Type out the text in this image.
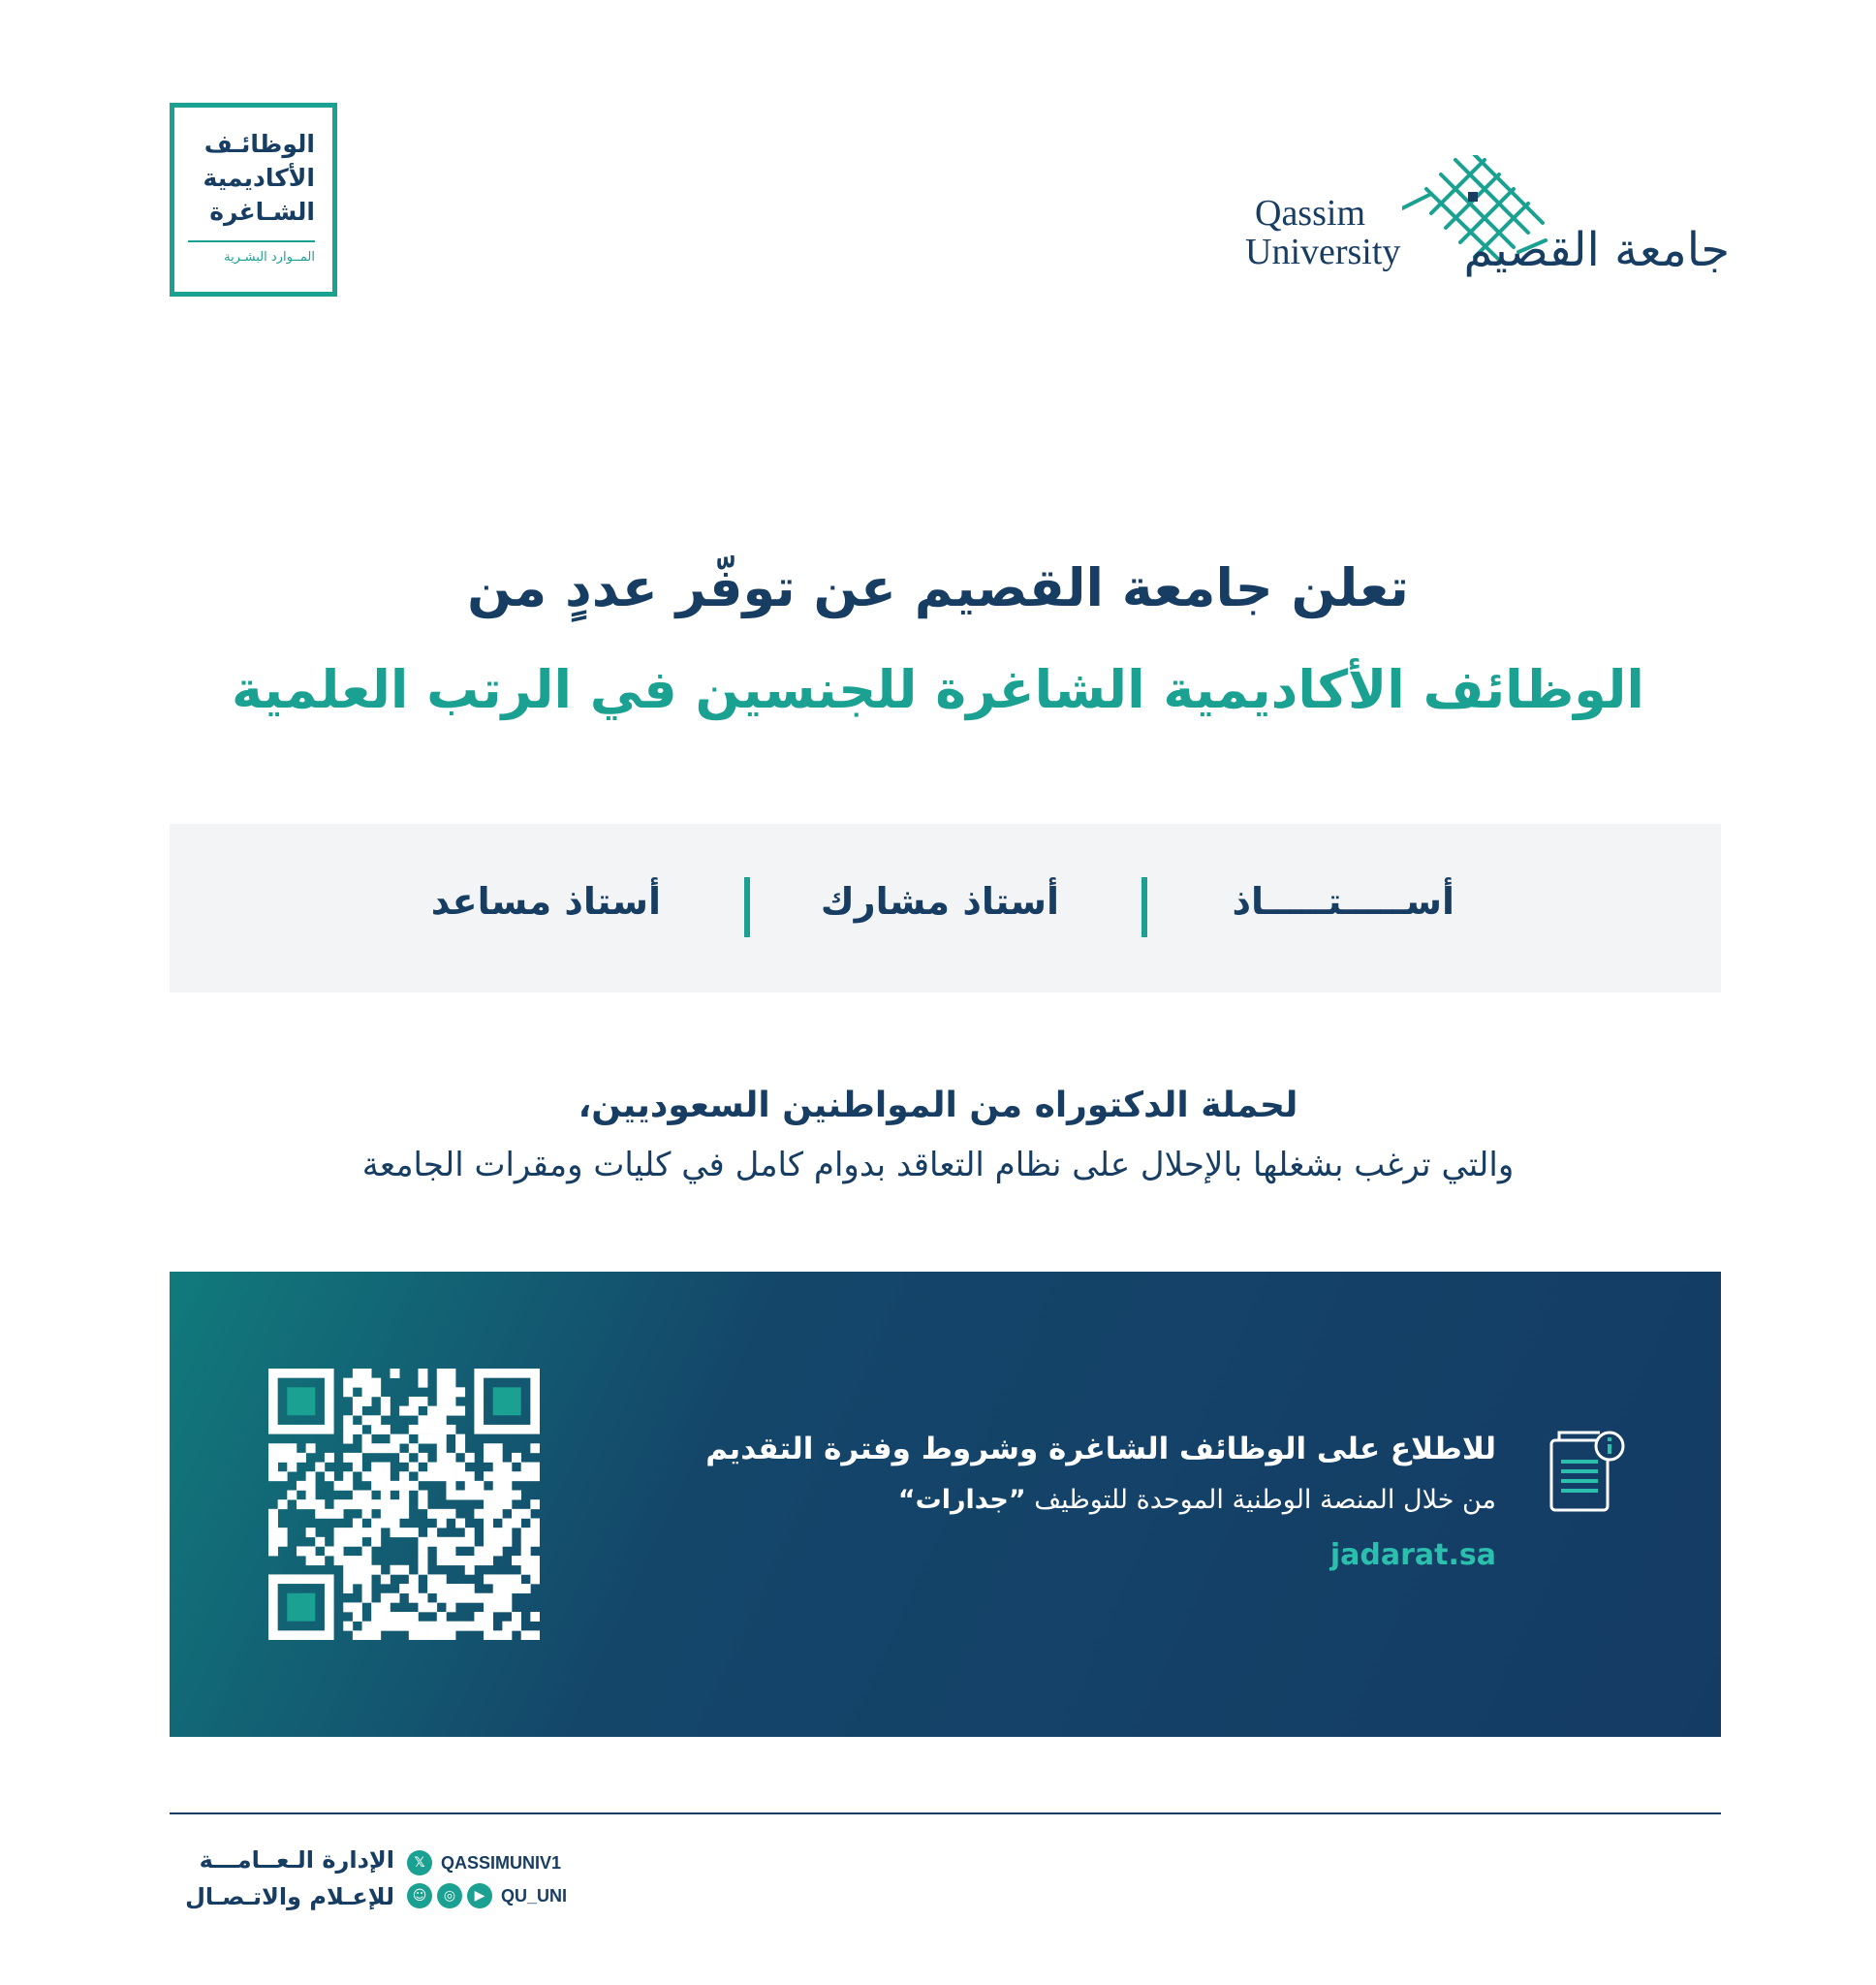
الوظائـف
الأكاديمية
الشـاغرة
المــوارد البشـرية
Qassim
University جامعة القصيم
تعلن جامعة القصيم عن توفّر عددٍ من
الوظائف الأكاديمية الشاغرة للجنسين في الرتب العلمية
أســـــتـــــاذ
أستاذ مشارك
أستاذ مساعد
لحملة الدكتوراه من المواطنين السعوديين،
والتي ترغب بشغلها بالإحلال على نظام التعاقد بدوام كامل في كليات ومقرات الجامعة
للاطلاع على الوظائف الشاغرة وشروط وفترة التقديم
من خلال المنصة الوطنية الموحدة للتوظيف ”جدارات“
jadarat.sa
الإدارة الـعــامـــة
للإعـلام والاتـصـال
𝕏 QASSIMUNIV1
☺	◎	▶ QU_UNI
